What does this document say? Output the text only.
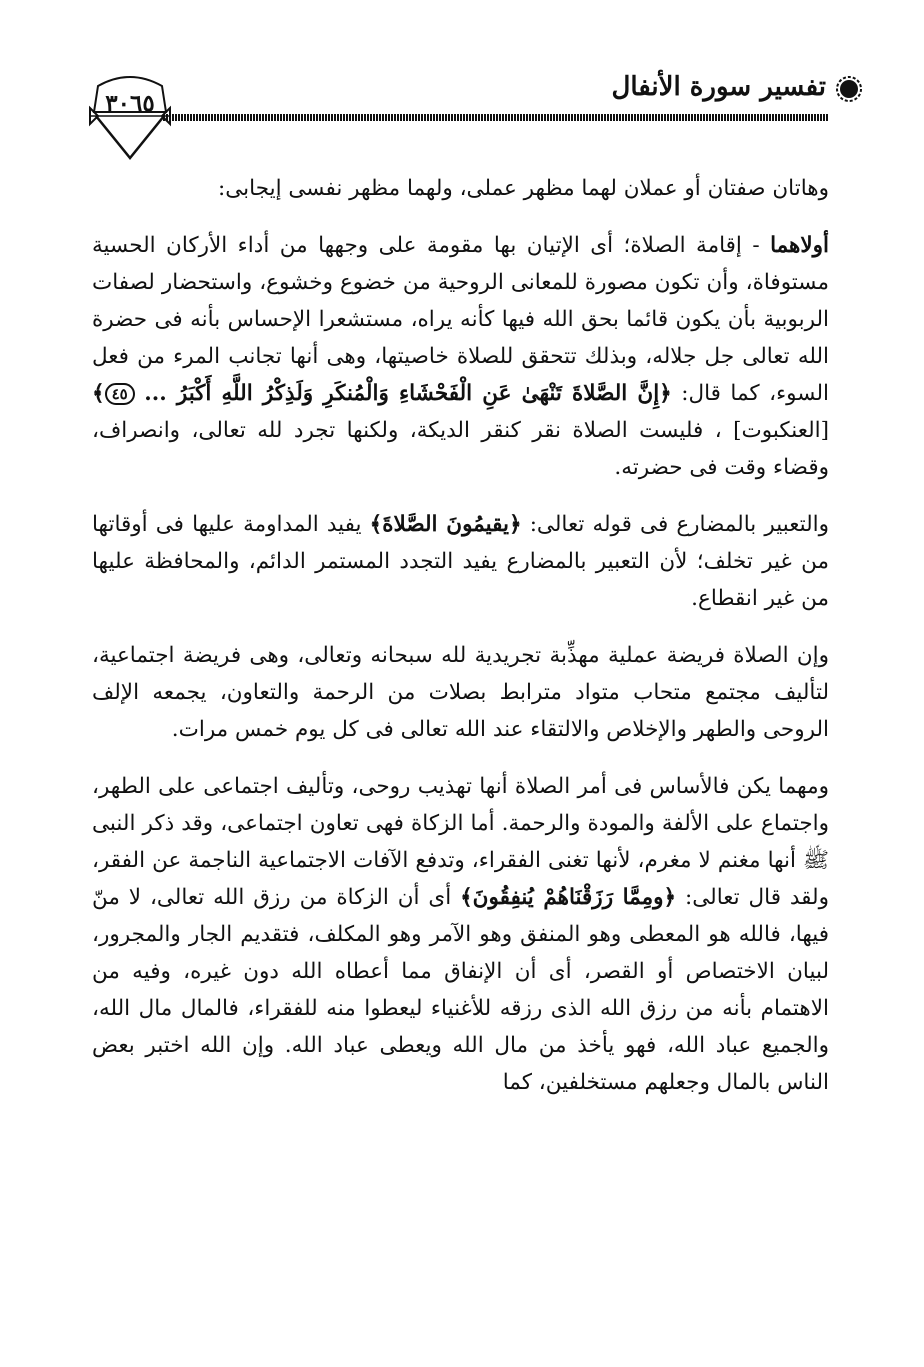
تفسير سورة الأنفال
٣٠٦٥

وهاتان صفتان أو عملان لهما مظهر عملى، ولهما مظهر نفسى إيجابى:

أولاهما - إقامة الصلاة؛ أى الإتيان بها مقومة على وجهها من أداء الأركان الحسية مستوفاة، وأن تكون مصورة للمعانى الروحية من خضوع وخشوع، واستحضار لصفات الربوبية بأن يكون قائما بحق الله فيها كأنه يراه، مستشعرا الإحساس بأنه فى حضرة الله تعالى جل جلاله، وبذلك تتحقق للصلاة خاصيتها، وهى أنها تجانب المرء من فعل السوء، كما قال: ﴿إِنَّ الصَّلاةَ تَنْهَىٰ عَنِ الْفَحْشَاءِ وَالْمُنكَرِ وَلَذِكْرُ اللَّهِ أَكْبَرُ ... ٤٥﴾ [العنكبوت] ، فليست الصلاة نقر كنقر الديكة، ولكنها تجرد لله تعالى، وانصراف، وقضاء وقت فى حضرته.

والتعبير بالمضارع فى قوله تعالى: ﴿يقيمُونَ الصَّلاةَ﴾ يفيد المداومة عليها فى أوقاتها من غير تخلف؛ لأن التعبير بالمضارع يفيد التجدد المستمر الدائم، والمحافظة عليها من غير انقطاع.

وإن الصلاة فريضة عملية مهذِّبة تجريدية لله سبحانه وتعالى، وهى فريضة اجتماعية، لتأليف مجتمع متحاب متواد مترابط بصلات من الرحمة والتعاون، يجمعه الإلف الروحى والطهر والإخلاص والالتقاء عند الله تعالى فى كل يوم خمس مرات.

ومهما يكن فالأساس فى أمر الصلاة أنها تهذيب روحى، وتأليف اجتماعى على الطهر، واجتماع على الألفة والمودة والرحمة. أما الزكاة فهى تعاون اجتماعى، وقد ذكر النبى ﷺ أنها مغنم لا مغرم، لأنها تغنى الفقراء، وتدفع الآفات الاجتماعية الناجمة عن الفقر، ولقد قال تعالى: ﴿ومِمَّا رَزَقْنَاهُمْ يُنفِقُونَ﴾ أى أن الزكاة من رزق الله تعالى، لا منّ فيها، فالله هو المعطى وهو المنفق وهو الآمر وهو المكلف، فتقديم الجار والمجرور، لبيان الاختصاص أو القصر، أى أن الإنفاق مما أعطاه الله دون غيره، وفيه من الاهتمام بأنه من رزق الله الذى رزقه للأغنياء ليعطوا منه للفقراء، فالمال مال الله، والجميع عباد الله، فهو يأخذ من مال الله ويعطى عباد الله. وإن الله اختبر بعض الناس بالمال وجعلهم مستخلفين، كما
